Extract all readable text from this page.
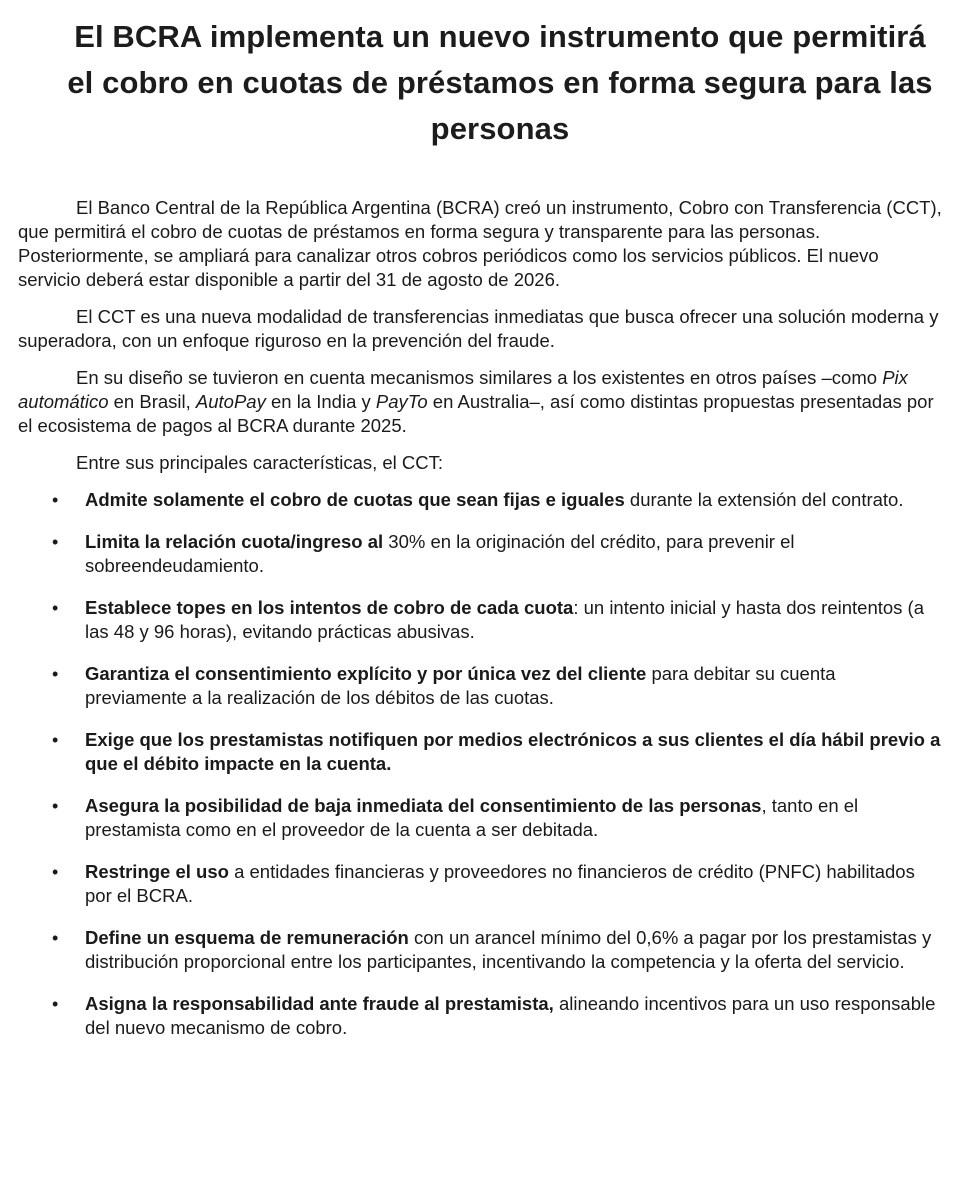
El BCRA implementa un nuevo instrumento que permitirá el cobro en cuotas de préstamos en forma segura para las personas

El Banco Central de la República Argentina (BCRA) creó un instrumento, Cobro con Transferencia (CCT), que permitirá el cobro de cuotas de préstamos en forma segura y transparente para las personas. Posteriormente, se ampliará para canalizar otros cobros periódicos como los servicios públicos. El nuevo servicio deberá estar disponible a partir del 31 de agosto de 2026.

El CCT es una nueva modalidad de transferencias inmediatas que busca ofrecer una solución moderna y superadora, con un enfoque riguroso en la prevención del fraude.

En su diseño se tuvieron en cuenta mecanismos similares a los existentes en otros países –como Pix automático en Brasil, AutoPay en la India y PayTo en Australia–, así como distintas propuestas presentadas por el ecosistema de pagos al BCRA durante 2025.

Entre sus principales características, el CCT:

• Admite solamente el cobro de cuotas que sean fijas e iguales durante la extensión del contrato.
• Limita la relación cuota/ingreso al 30% en la originación del crédito, para prevenir el sobreendeudamiento.
• Establece topes en los intentos de cobro de cada cuota: un intento inicial y hasta dos reintentos (a las 48 y 96 horas), evitando prácticas abusivas.
• Garantiza el consentimiento explícito y por única vez del cliente para debitar su cuenta previamente a la realización de los débitos de las cuotas.
• Exige que los prestamistas notifiquen por medios electrónicos a sus clientes el día hábil previo a que el débito impacte en la cuenta.
• Asegura la posibilidad de baja inmediata del consentimiento de las personas, tanto en el prestamista como en el proveedor de la cuenta a ser debitada.
• Restringe el uso a entidades financieras y proveedores no financieros de crédito (PNFC) habilitados por el BCRA.
• Define un esquema de remuneración con un arancel mínimo del 0,6% a pagar por los prestamistas y distribución proporcional entre los participantes, incentivando la competencia y la oferta del servicio.
• Asigna la responsabilidad ante fraude al prestamista, alineando incentivos para un uso responsable del nuevo mecanismo de cobro.
